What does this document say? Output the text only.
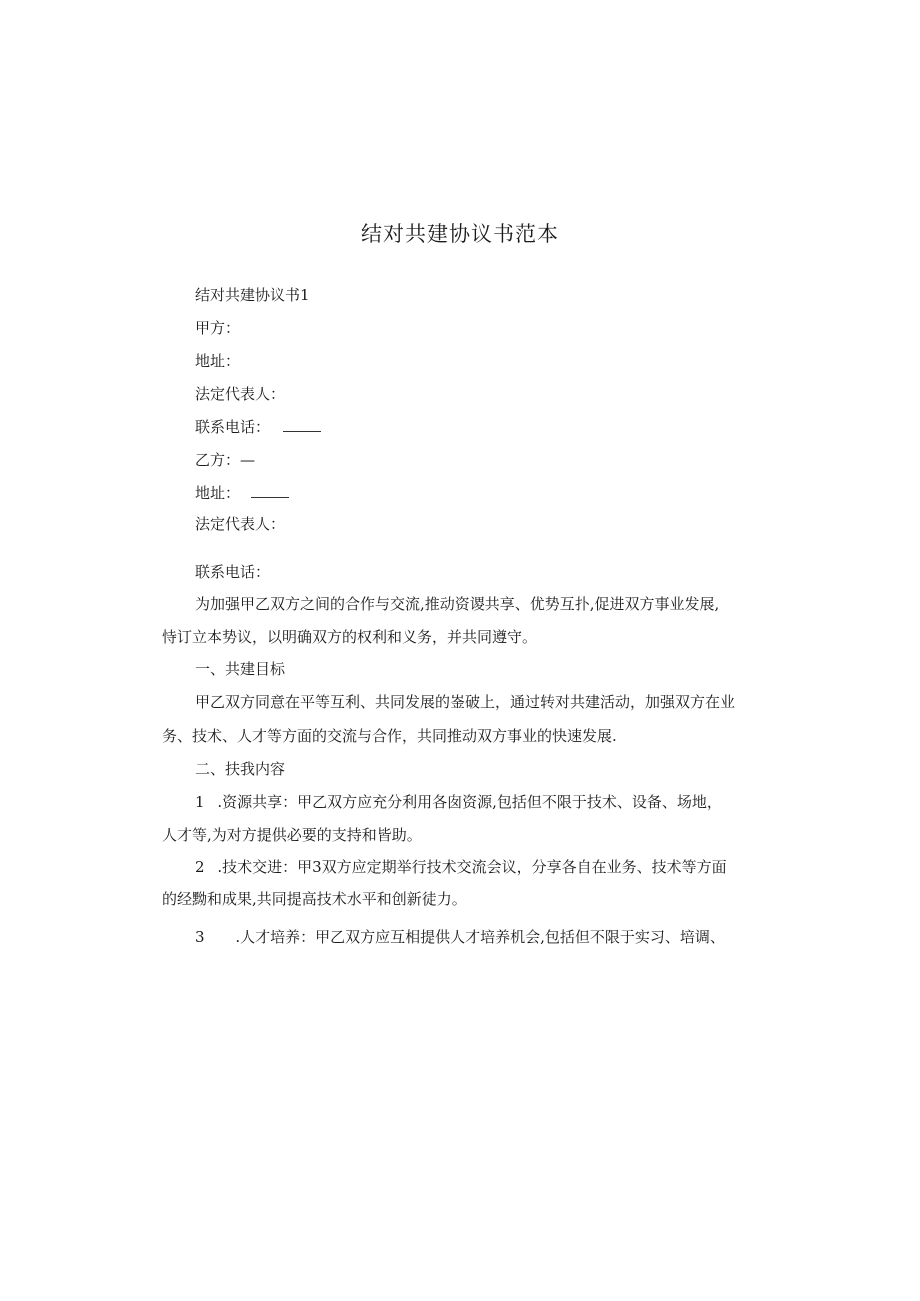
结对共建协议书范本
结对共建协议书1
甲方：
地址：
法定代表人：
联系电话：
乙方：—
地址：
法定代表人：
联系电话：
为加强甲乙双方之间的合作与交流,推动资谡共享、优势互扑,促进双方事业发展,
恃订立本势议，以明确双方的权利和义务，并共同遵守。
一、共建目标
甲乙双方同意在平等互利、共同发展的崟破上，通过转对共建活动，加强双方在业
务、技术、人才等方面的交流与合作，共同推动双方事业的快速发展.
二、扶我内容
1 .资源共享：甲乙双方应充分利用各囱资源,包括但不限于技术、设备、场地，
人才等,为对方提供必要的支持和皆助。
2 .技术交进：甲3双方应定期举行技术交流会议，分享各自在业务、技术等方面
的经黝和成果,共同提高技术水平和创新徒力。
3 .人才培养：甲乙双方应互相提供人才培养机会,包括但不限于实习、培调、
